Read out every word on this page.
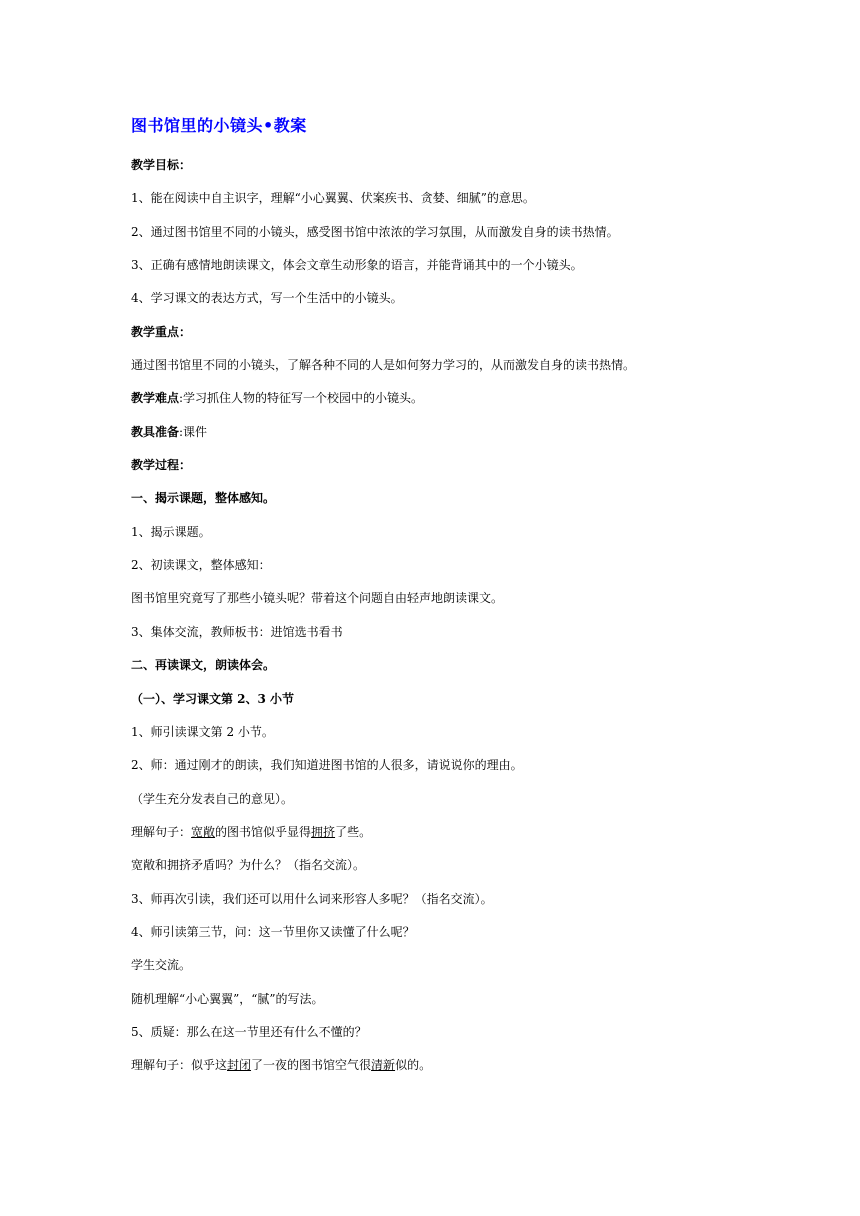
图书馆里的小镜头•教案
教学目标：
1、能在阅读中自主识字，理解“小心翼翼、伏案疾书、贪婪、细腻”的意思。
2、通过图书馆里不同的小镜头，感受图书馆中浓浓的学习氛围，从而激发自身的读书热情。
3、正确有感情地朗读课文，体会文章生动形象的语言，并能背诵其中的一个小镜头。
4、学习课文的表达方式，写一个生活中的小镜头。
教学重点：
通过图书馆里不同的小镜头，了解各种不同的人是如何努力学习的，从而激发自身的读书热情。
教学难点:学习抓住人物的特征写一个校园中的小镜头。
教具准备:课件
教学过程：
一、揭示课题，整体感知。
1、揭示课题。
2、初读课文，整体感知：
图书馆里究竟写了那些小镜头呢？带着这个问题自由轻声地朗读课文。
3、集体交流，教师板书：进馆选书看书
二、再读课文，朗读体会。
（一）、学习课文第 2、3 小节
1、师引读课文第 2 小节。
2、师：通过刚才的朗读，我们知道进图书馆的人很多，请说说你的理由。
（学生充分发表自己的意见）。
理解句子：宽敞的图书馆似乎显得拥挤了些。
宽敞和拥挤矛盾吗？为什么？（指名交流）。
3、师再次引读，我们还可以用什么词来形容人多呢？（指名交流）。
4、师引读第三节，问：这一节里你又读懂了什么呢？
学生交流。
随机理解“小心翼翼”，“腻”的写法。
5、质疑：那么在这一节里还有什么不懂的？
理解句子：似乎这封闭了一夜的图书馆空气很清新似的。
